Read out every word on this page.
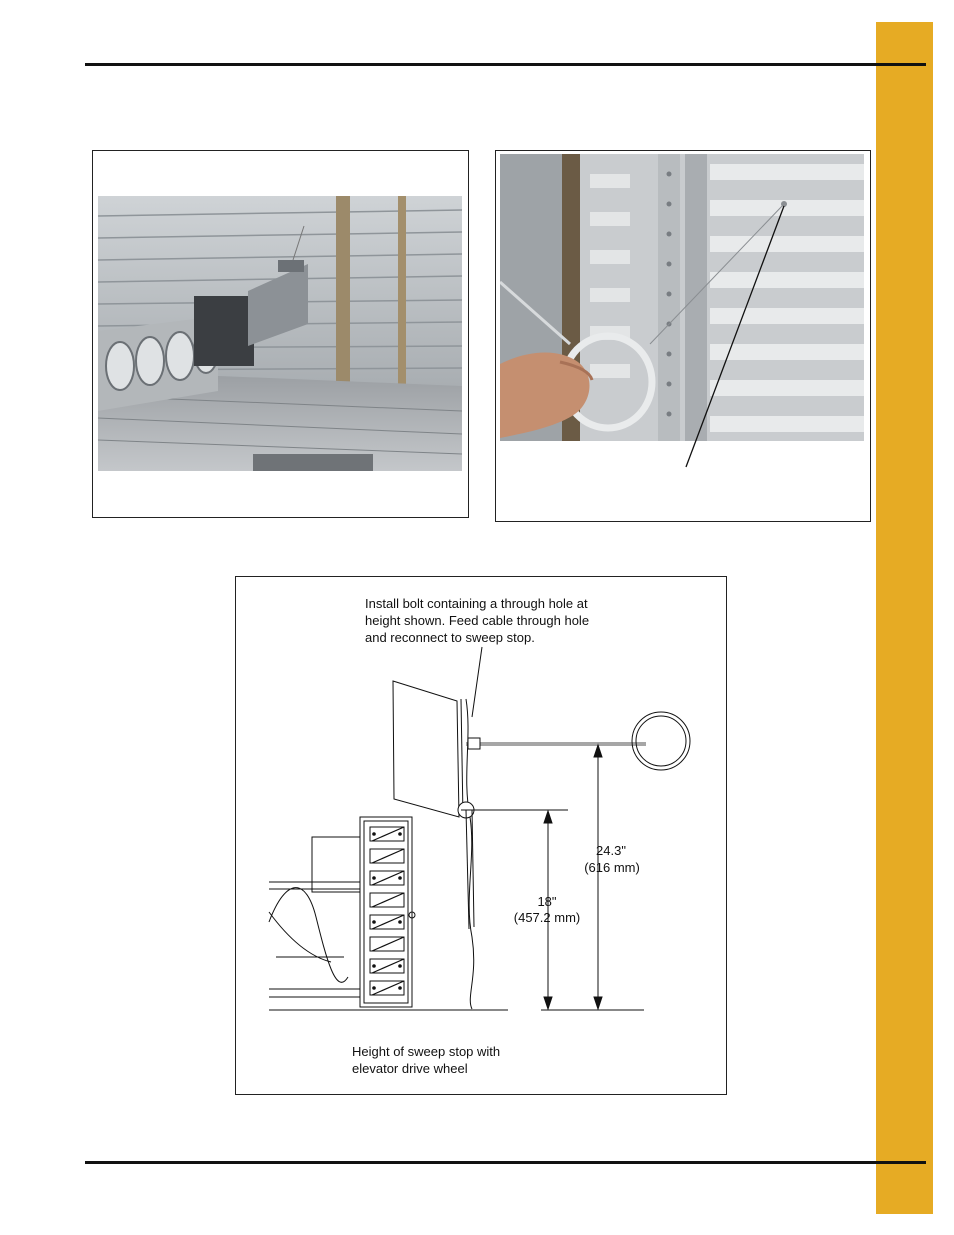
Install bolt containing a through hole at
height shown. Feed cable through hole
and reconnect to sweep stop.
24.3"
(616 mm)
18"
(457.2 mm)
Height of sweep stop with
elevator drive wheel
